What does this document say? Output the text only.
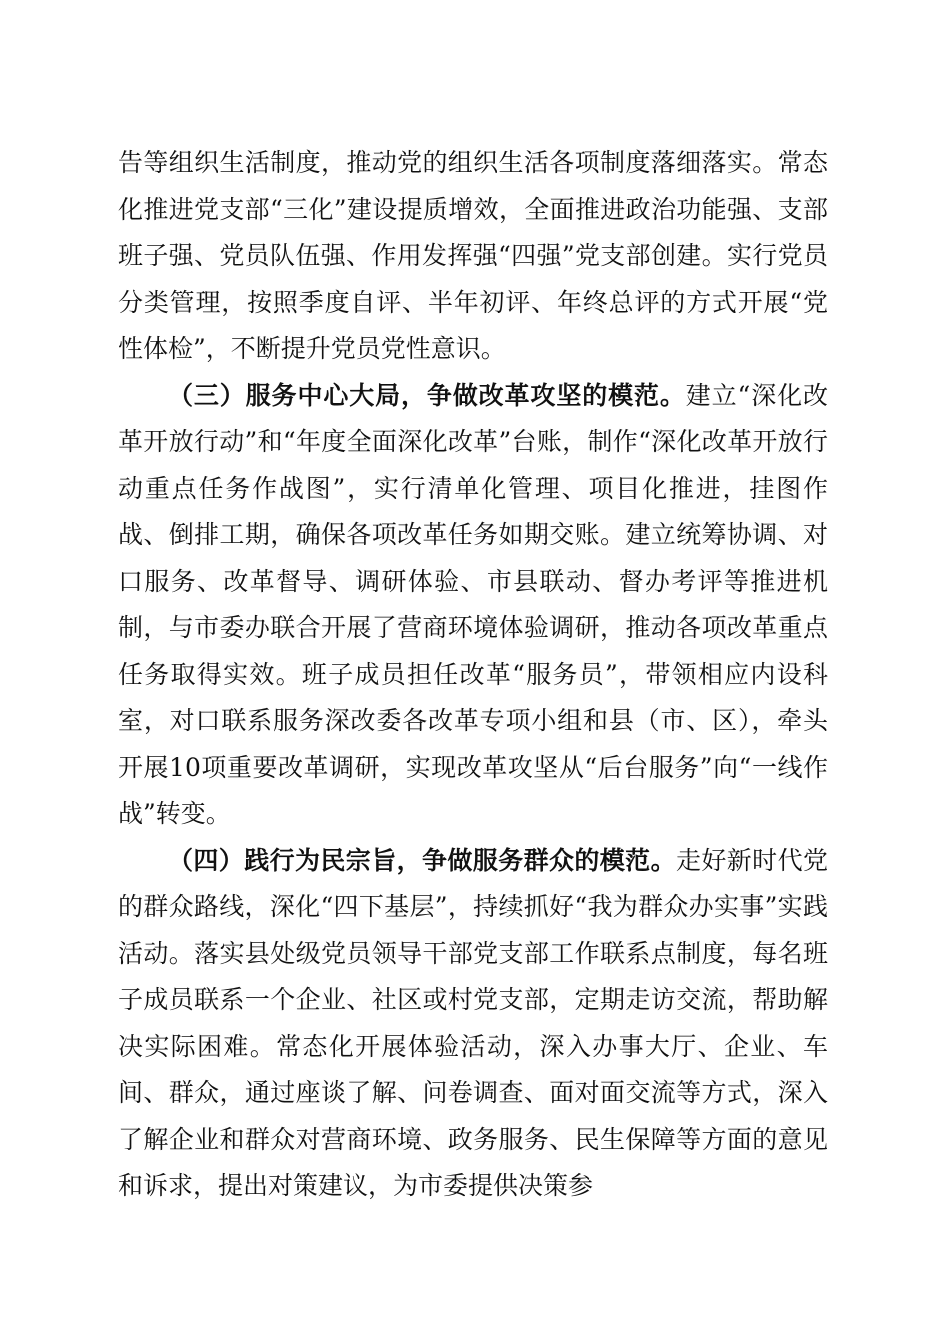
告等组织生活制度，推动党的组织生活各项制度落细落实。常态化推进党支部“三化”建设提质增效，全面推进政治功能强、支部班子强、党员队伍强、作用发挥强“四强”党支部创建。实行党员分类管理，按照季度自评、半年初评、年终总评的方式开展“党性体检”，不断提升党员党性意识。

（三）服务中心大局，争做改革攻坚的模范。建立“深化改革开放行动”和“年度全面深化改革”台账，制作“深化改革开放行动重点任务作战图”，实行清单化管理、项目化推进，挂图作战、倒排工期，确保各项改革任务如期交账。建立统筹协调、对口服务、改革督导、调研体验、市县联动、督办考评等推进机制，与市委办联合开展了营商环境体验调研，推动各项改革重点任务取得实效。班子成员担任改革“服务员”，带领相应内设科室，对口联系服务深改委各改革专项小组和县（市、区），牵头开展10项重要改革调研，实现改革攻坚从“后台服务”向“一线作战”转变。

（四）践行为民宗旨，争做服务群众的模范。走好新时代党的群众路线，深化“四下基层”，持续抓好“我为群众办实事”实践活动。落实县处级党员领导干部党支部工作联系点制度，每名班子成员联系一个企业、社区或村党支部，定期走访交流，帮助解决实际困难。常态化开展体验活动，深入办事大厅、企业、车间、群众，通过座谈了解、问卷调查、面对面交流等方式，深入了解企业和群众对营商环境、政务服务、民生保障等方面的意见和诉求，提出对策建议，为市委提供决策参
